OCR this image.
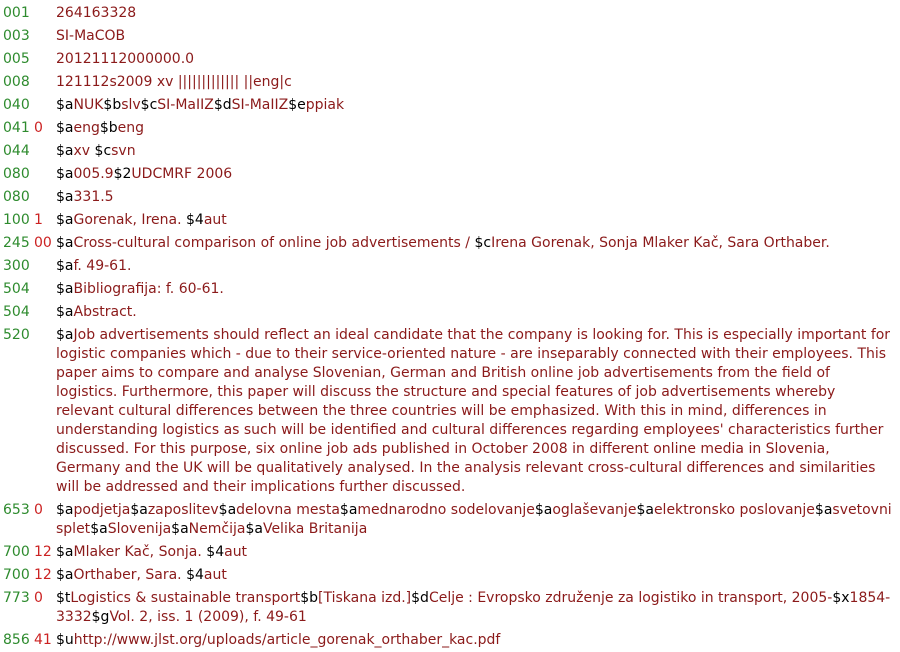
001	264163328
003	SI-MaCOB
005	20121112000000.0
008	121112s2009 xv ||||||||||||| ||eng|c
040	$aNUK$bslv$cSI-MaIIZ$dSI-MaIIZ$eppiak
041 0 $aeng$beng
044	$axv $csvn
080	$a005.9$2UDCMRF 2006
080	$a331.5
100 1 $aGorenak, Irena. $4aut
245 00 $aCross-cultural comparison of online job advertisements / $cIrena Gorenak, Sonja Mlaker Kač, Sara Orthaber.
300	$af. 49-61.
504	$aBibliografija: f. 60-61.
504	$aAbstract.
520	$aJob advertisements should reflect an ideal candidate that the company is looking for. This is especially important for logistic companies which - due to their service-oriented nature - are inseparably connected with their employees. This paper aims to compare and analyse Slovenian, German and British online job advertisements from the field of logistics. Furthermore, this paper will discuss the structure and special features of job advertisements whereby relevant cultural differences between the three countries will be emphasized. With this in mind, differences in understanding logistics as such will be identified and cultural differences regarding employees' characteristics further discussed. For this purpose, six online job ads published in October 2008 in different online media in Slovenia, Germany and the UK will be qualitatively analysed. In the analysis relevant cross-cultural differences and similarities will be addressed and their implications further discussed.
653 0 $apodjetja$azaposlitev$adelovna mesta$amednarodno sodelovanje$aoglaševanje$aelektronsko poslovanje$asvetovni splet$aSlovenija$aNemčija$aVelika Britanija
700 12 $aMlaker Kač, Sonja. $4aut
700 12 $aOrthaber, Sara. $4aut
773 0 $tLogistics & sustainable transport$b[Tiskana izd.]$dCelje : Evropsko združenje za logistiko in transport, 2005-$x1854-3332$gVol. 2, iss. 1 (2009), f. 49-61
856 41 $uhttp://www.jlst.org/uploads/article_gorenak_orthaber_kac.pdf
